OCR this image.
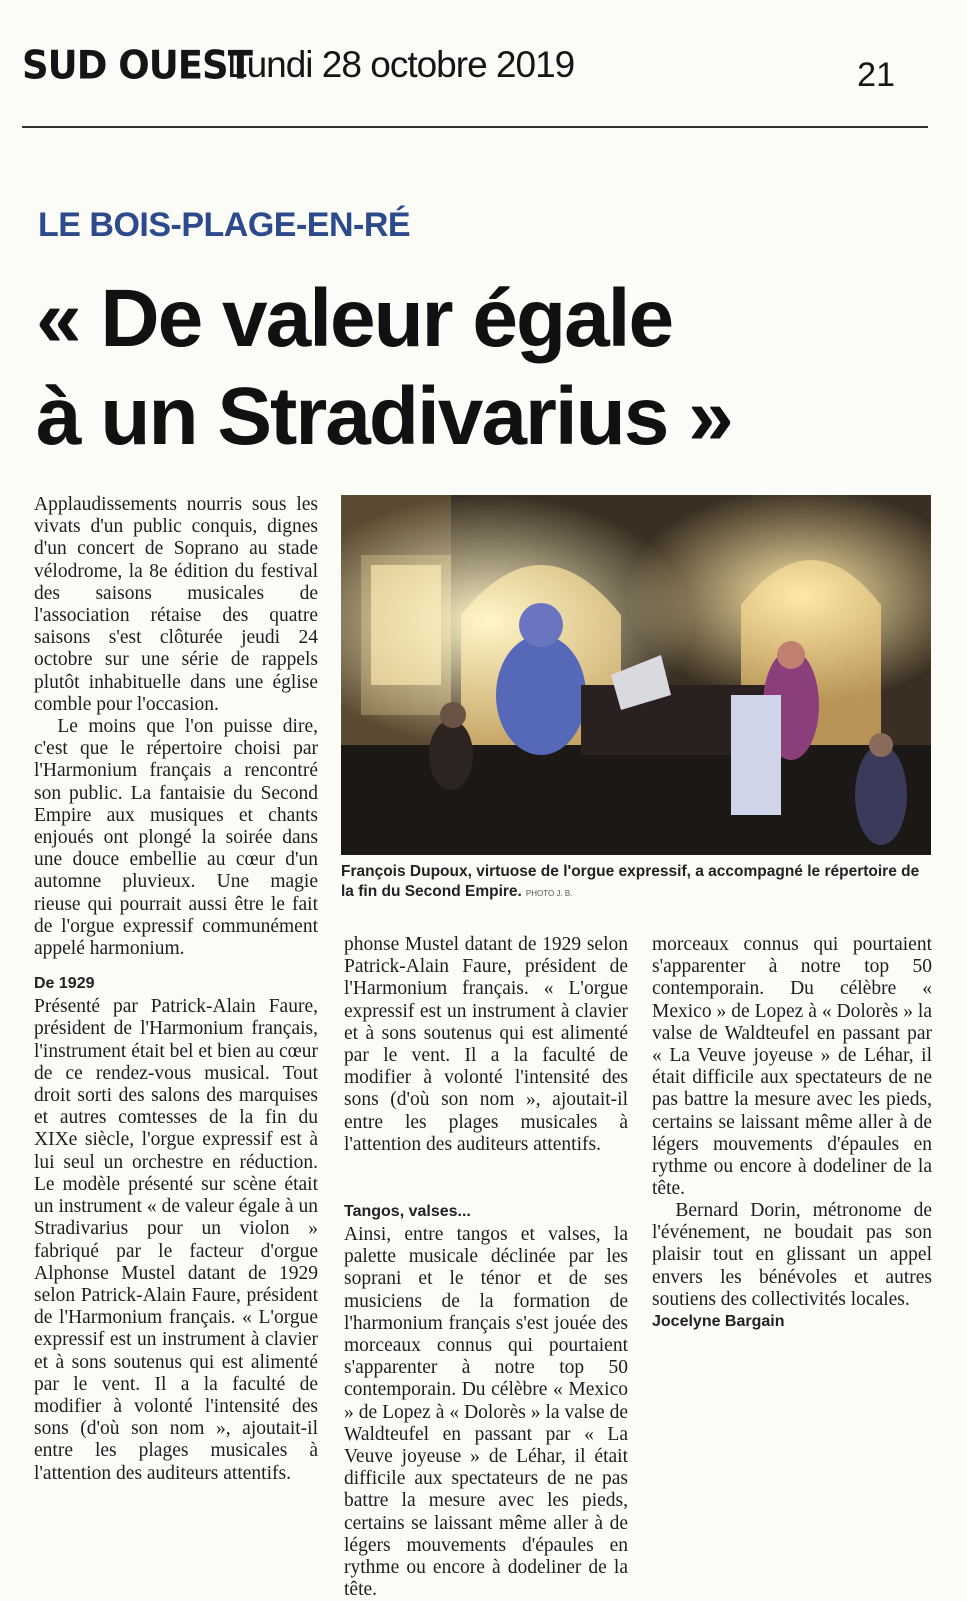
SUD OUEST
Lundi 28 octobre 2019	21
LE BOIS-PLAGE-EN-RÉ
« De valeur égale
à un Stradivarius »

Applaudissements nourris sous les vivats d'un public conquis, dignes d'un concert de Soprano au stade vélodrome, la 8e édition du festival des saisons musicales de l'association rétaise des quatre saisons s'est clôturée jeudi 24 octobre sur une série de rappels plutôt inhabituelle dans une église comble pour l'occasion.

Le moins que l'on puisse dire, c'est que le répertoire choisi par l'Harmonium français a rencontré son public. La fantaisie du Second Empire aux musiques et chants enjoués ont plongé la soirée dans une douce embellie au cœur d'un automne pluvieux. Une magie rieuse qui pourrait aussi être le fait de l'orgue expressif communément appelé harmonium.

De 1929

Présenté par Patrick-Alain Faure, président de l'Harmonium français, l'instrument était bel et bien au cœur de ce rendez-vous musical. Tout droit sorti des salons des marquises et autres comtesses de la fin du XIXe siècle, l'orgue expressif est à lui seul un orchestre en réduction. Le modèle présenté sur scène était un instrument « de valeur égale à un Stradivarius pour un violon » fabriqué par le facteur d'orgue Alphonse Mustel datant de 1929 selon Patrick-Alain Faure, président de l'Harmonium français. « L'orgue expressif est un instrument à clavier et à sons soutenus qui est alimenté par le vent. Il a la faculté de modifier à volonté l'intensité des sons (d'où son nom », ajoutait-il entre les plages musicales à l'attention des auditeurs attentifs.

François Dupoux, virtuose de l'orgue expressif, a accompagné le répertoire de la fin du Second Empire. PHOTO J. B.

phonse Mustel datant de 1929 selon Patrick-Alain Faure, président de l'Harmonium français. « L'orgue expressif est un instrument à clavier et à sons soutenus qui est alimenté par le vent. Il a la faculté de modifier à volonté l'intensité des sons (d'où son nom », ajoutait-il entre les plages musicales à l'attention des auditeurs attentifs.

Tangos, valses...

Ainsi, entre tangos et valses, la palette musicale déclinée par les soprani et le ténor et de ses musiciens de la formation de l'harmonium français s'est jouée des morceaux connus qui pourtaient s'apparenter à notre top 50 contemporain. Du célèbre « Mexico » de Lopez à « Dolorès » la valse de Waldteufel en passant par « La Veuve joyeuse » de Léhar, il était difficile aux spectateurs de ne pas battre la mesure avec les pieds, certains se laissant même aller à de légers mouvements d'épaules en rythme ou encore à dodeliner de la tête.

morceaux connus qui pourtaient s'apparenter à notre top 50 contemporain. Du célèbre « Mexico » de Lopez à « Dolorès » la valse de Waldteufel en passant par « La Veuve joyeuse » de Léhar, il était difficile aux spectateurs de ne pas battre la mesure avec les pieds, certains se laissant même aller à de légers mouvements d'épaules en rythme ou encore à dodeliner de la tête.

Bernard Dorin, métronome de l'événement, ne boudait pas son plaisir tout en glissant un appel envers les bénévoles et autres soutiens des collectivités locales.

Jocelyne Bargain
